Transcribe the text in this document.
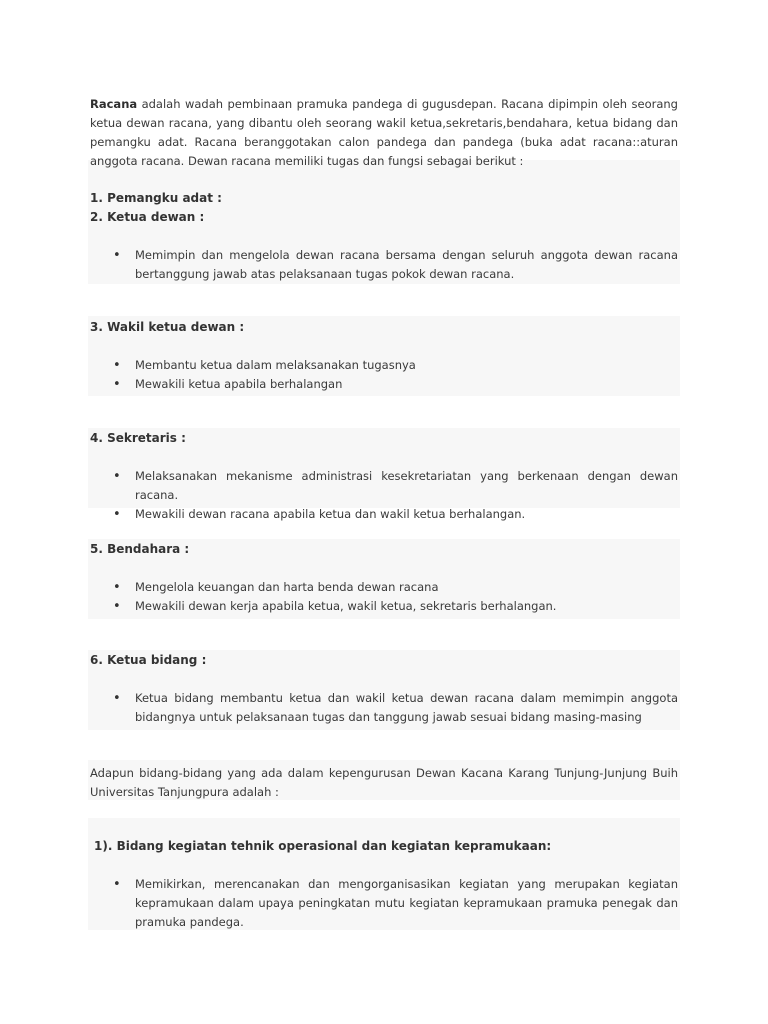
Racana adalah wadah pembinaan pramuka pandega di gugusdepan. Racana dipimpin oleh seorang ketua dewan racana, yang dibantu oleh seorang wakil ketua,sekretaris,bendahara, ketua bidang dan pemangku adat. Racana beranggotakan calon pandega dan pandega (buka adat racana::aturan anggota racana. Dewan racana memiliki tugas dan fungsi sebagai berikut :
1. Pemangku adat :
2. Ketua dewan :
• Memimpin dan mengelola dewan racana bersama dengan seluruh anggota dewan racana bertanggung jawab atas pelaksanaan tugas pokok dewan racana.
3. Wakil ketua dewan :
• Membantu ketua dalam melaksanakan tugasnya
• Mewakili ketua apabila berhalangan
4. Sekretaris :
• Melaksanakan mekanisme administrasi kesekretariatan yang berkenaan dengan dewan racana.
• Mewakili dewan racana apabila ketua dan wakil ketua berhalangan.
5. Bendahara :
• Mengelola keuangan dan harta benda dewan racana
• Mewakili dewan kerja apabila ketua, wakil ketua, sekretaris berhalangan.
6. Ketua bidang :
• Ketua bidang membantu ketua dan wakil ketua dewan racana dalam memimpin anggota bidangnya untuk pelaksanaan tugas dan tanggung jawab sesuai bidang masing-masing
Adapun bidang-bidang yang ada dalam kepengurusan Dewan Kacana Karang Tunjung-Junjung Buih Universitas Tanjungpura adalah :
1). Bidang kegiatan tehnik operasional dan kegiatan kepramukaan:
• Memikirkan, merencanakan dan mengorganisasikan kegiatan yang merupakan kegiatan kepramukaan dalam upaya peningkatan mutu kegiatan kepramukaan pramuka penegak dan pramuka pandega.
